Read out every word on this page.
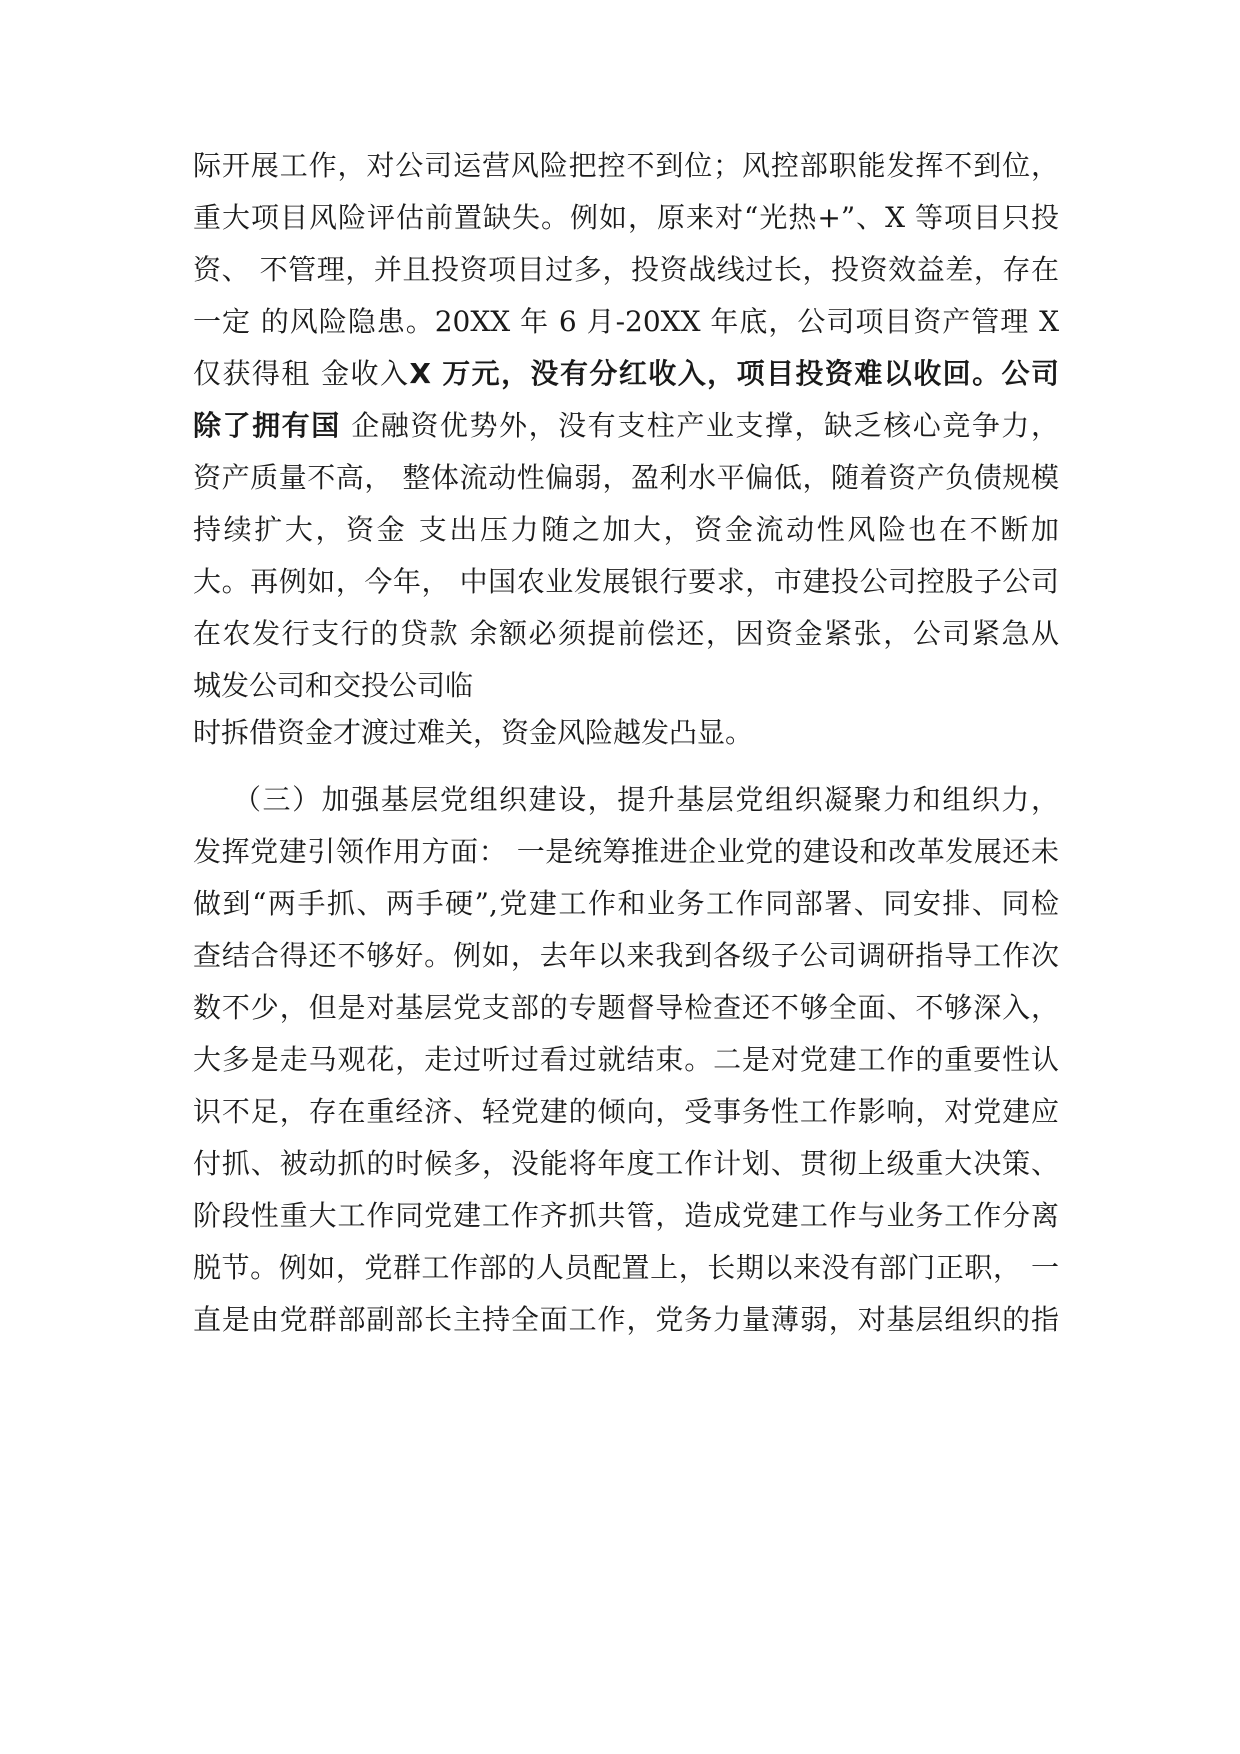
际开展工作，对公司运营风险把控不到位；风控部职能发挥不到位，
重大项目风险评估前置缺失。例如，原来对“光热+”、X 等项目只投
资、 不管理，并且投资项目过多，投资战线过长，投资效益差，存在
一定 的风险隐患。20XX 年 6 月-20XX 年底，公司项目资产管理 X
仅获得租 金收入X 万元，没有分红收入，项目投资难以收回。公司
除了拥有国 企融资优势外，没有支柱产业支撑，缺乏核心竞争力，
资产质量不高， 整体流动性偏弱，盈利水平偏低，随着资产负债规模
持续扩大，资金 支出压力随之加大，资金流动性风险也在不断加
大。再例如，今年， 中国农业发展银行要求，市建投公司控股子公司
在农发行支行的贷款 余额必须提前偿还，因资金紧张，公司紧急从
城发公司和交投公司临
时拆借资金才渡过难关，资金风险越发凸显。
（三）加强基层党组织建设，提升基层党组织凝聚力和组织力，
发挥党建引领作用方面： 一是统筹推进企业党的建设和改革发展还未
做到“两手抓、两手硬”,党建工作和业务工作同部署、同安排、同检
查结合得还不够好。例如，去年以来我到各级子公司调研指导工作次
数不少，但是对基层党支部的专题督导检查还不够全面、不够深入，
大多是走马观花，走过听过看过就结束。二是对党建工作的重要性认
识不足，存在重经济、轻党建的倾向，受事务性工作影响，对党建应
付抓、被动抓的时候多，没能将年度工作计划、贯彻上级重大决策、
阶段性重大工作同党建工作齐抓共管，造成党建工作与业务工作分离
脱节。例如，党群工作部的人员配置上，长期以来没有部门正职， 一
直是由党群部副部长主持全面工作，党务力量薄弱，对基层组织的指
